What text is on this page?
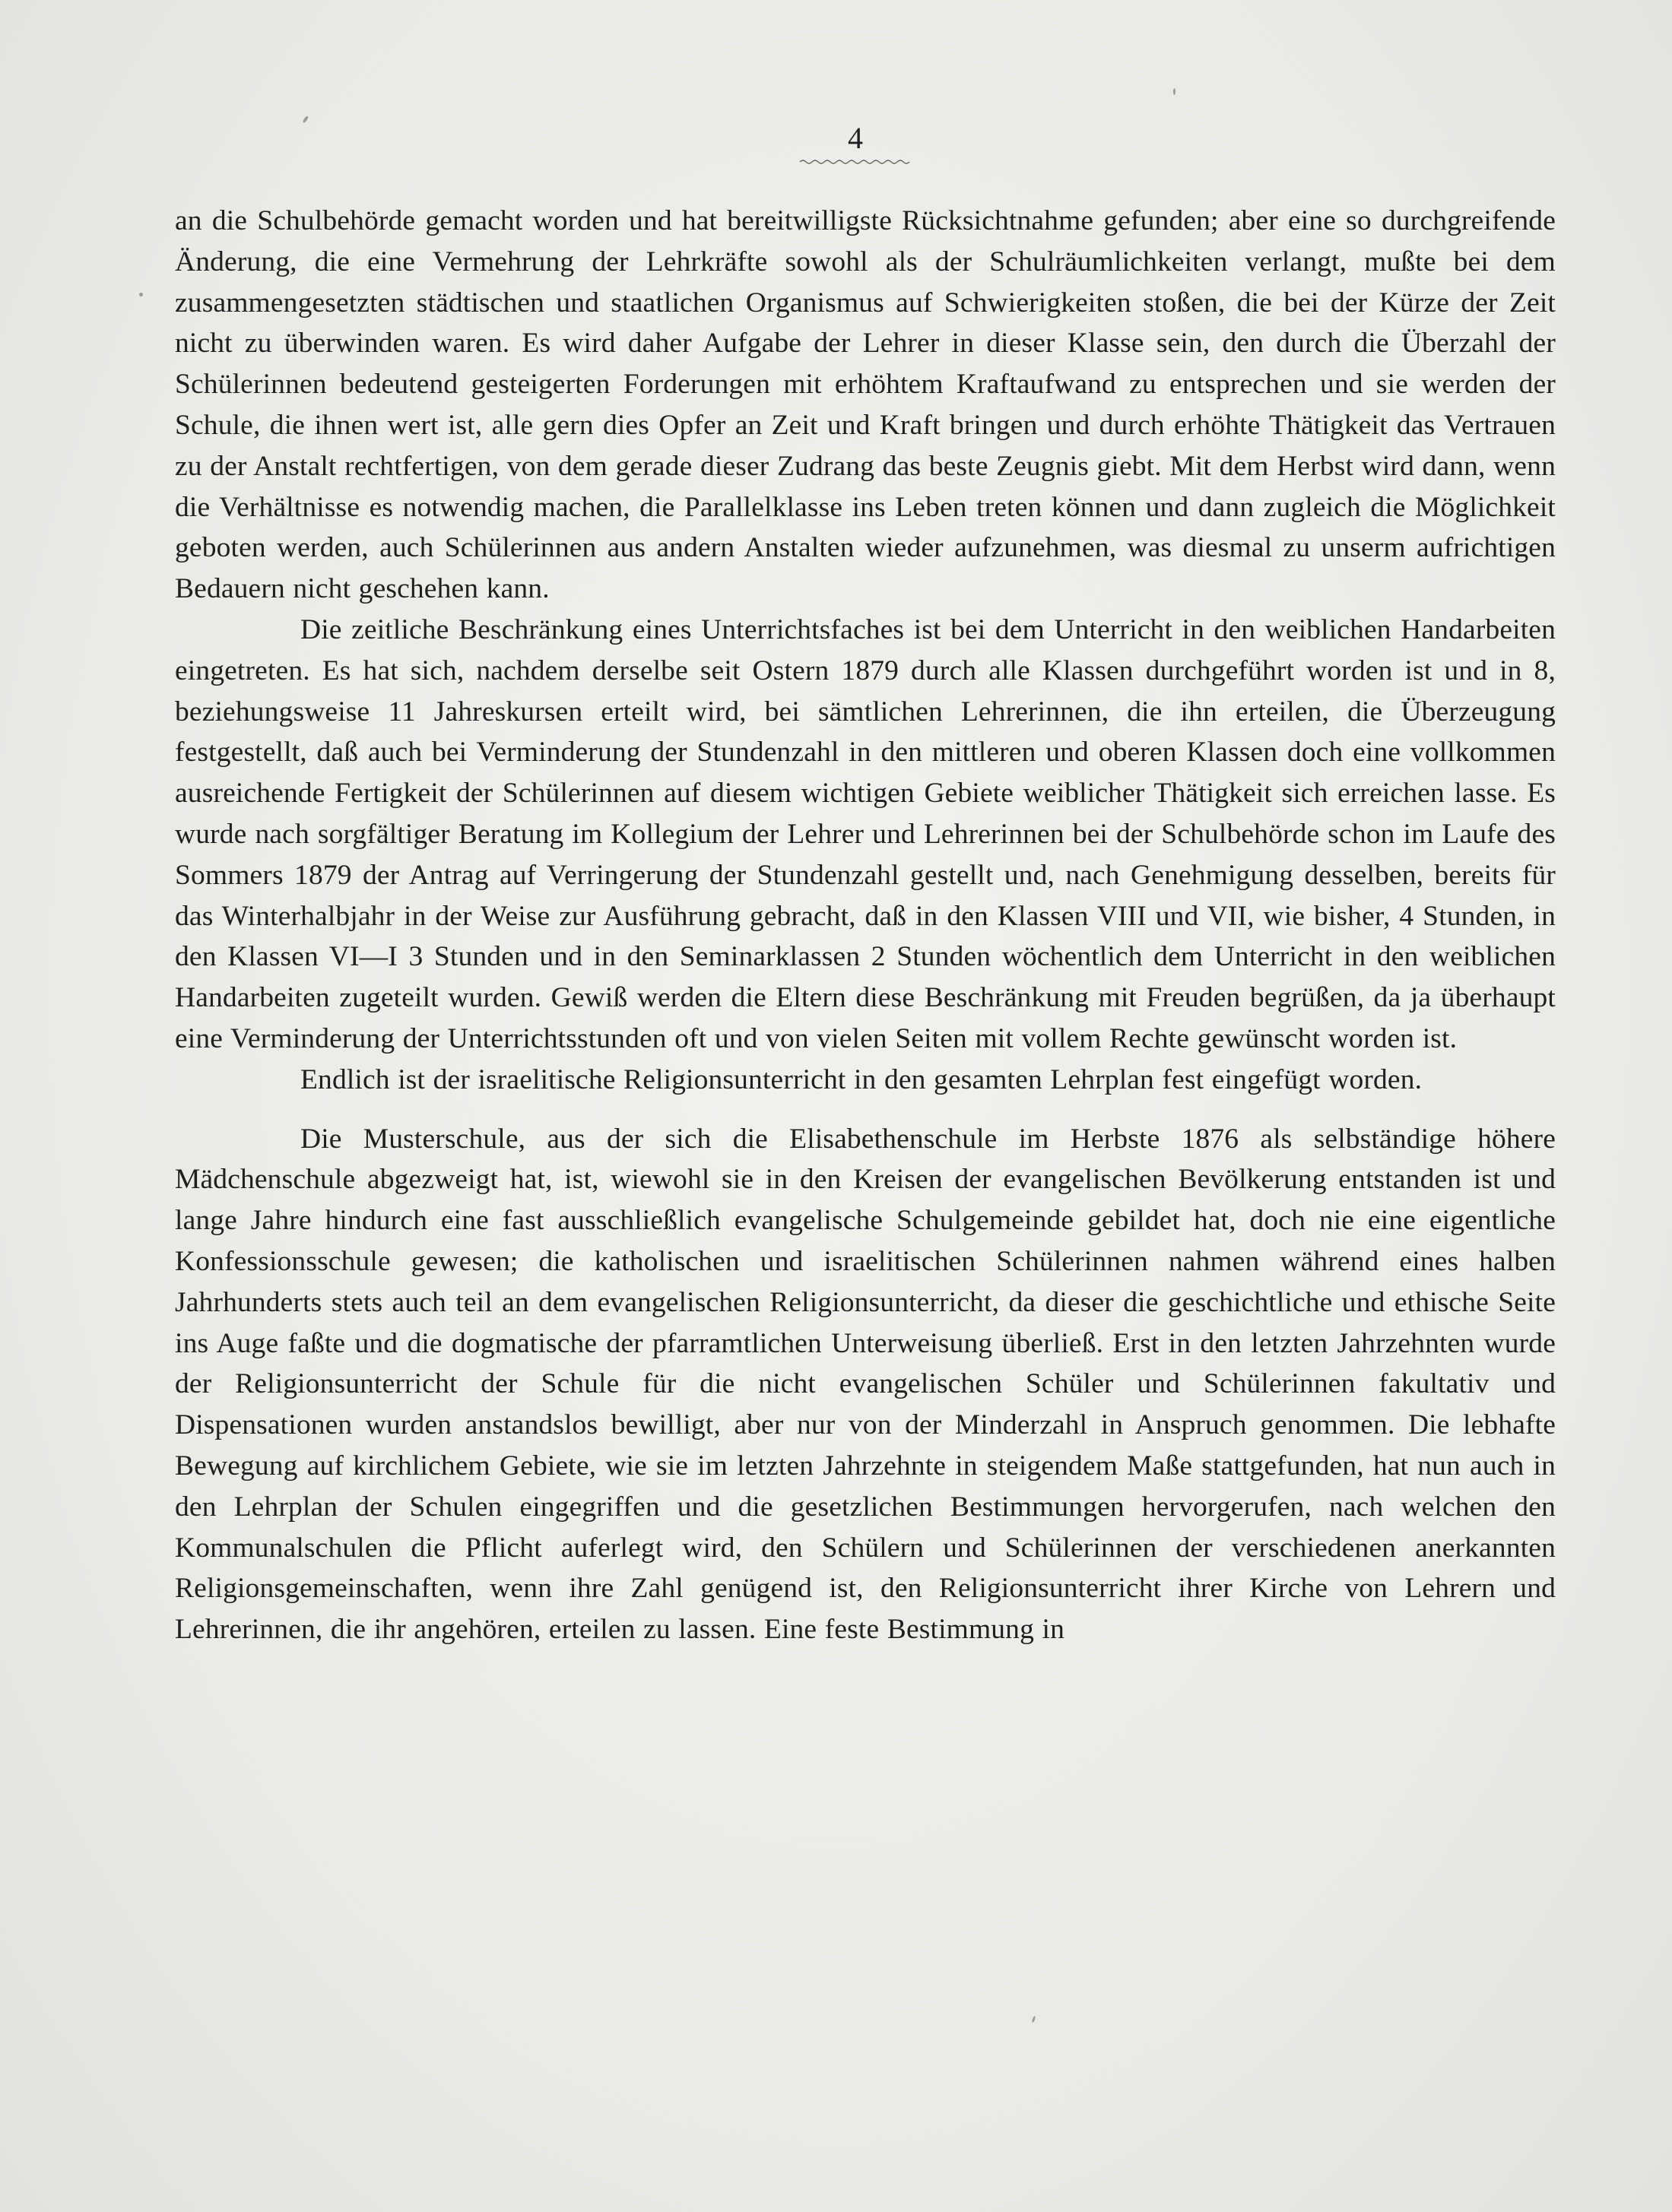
4

an die Schulbehörde gemacht worden und hat bereitwilligste Rücksichtnahme gefunden; aber eine so durchgreifende Änderung, die eine Vermehrung der Lehrkräfte sowohl als der Schulräumlichkeiten verlangt, mußte bei dem zusammengesetzten städtischen und staatlichen Organismus auf Schwierigkeiten stoßen, die bei der Kürze der Zeit nicht zu überwinden waren. Es wird daher Aufgabe der Lehrer in dieser Klasse sein, den durch die Überzahl der Schülerinnen bedeutend gesteigerten Forderungen mit erhöhtem Kraftaufwand zu entsprechen und sie werden der Schule, die ihnen wert ist, alle gern dies Opfer an Zeit und Kraft bringen und durch erhöhte Thätigkeit das Vertrauen zu der Anstalt rechtfertigen, von dem gerade dieser Zudrang das beste Zeugnis giebt. Mit dem Herbst wird dann, wenn die Verhältnisse es notwendig machen, die Parallelklasse ins Leben treten können und dann zugleich die Möglichkeit geboten werden, auch Schülerinnen aus andern Anstalten wieder aufzunehmen, was diesmal zu unserm aufrichtigen Bedauern nicht geschehen kann.

Die zeitliche Beschränkung eines Unterrichtsfaches ist bei dem Unterricht in den weiblichen Handarbeiten eingetreten. Es hat sich, nachdem derselbe seit Ostern 1879 durch alle Klassen durchgeführt worden ist und in 8, beziehungsweise 11 Jahreskursen erteilt wird, bei sämtlichen Lehrerinnen, die ihn erteilen, die Überzeugung festgestellt, daß auch bei Verminderung der Stundenzahl in den mittleren und oberen Klassen doch eine vollkommen ausreichende Fertigkeit der Schülerinnen auf diesem wichtigen Gebiete weiblicher Thätigkeit sich erreichen lasse. Es wurde nach sorgfältiger Beratung im Kollegium der Lehrer und Lehrerinnen bei der Schulbehörde schon im Laufe des Sommers 1879 der Antrag auf Verringerung der Stundenzahl gestellt und, nach Genehmigung desselben, bereits für das Winterhalbjahr in der Weise zur Ausführung gebracht, daß in den Klassen VIII und VII, wie bisher, 4 Stunden, in den Klassen VI—I 3 Stunden und in den Seminarklassen 2 Stunden wöchentlich dem Unterricht in den weiblichen Handarbeiten zugeteilt wurden. Gewiß werden die Eltern diese Beschränkung mit Freuden begrüßen, da ja überhaupt eine Verminderung der Unterrichtsstunden oft und von vielen Seiten mit vollem Rechte gewünscht worden ist.

Endlich ist der israelitische Religionsunterricht in den gesamten Lehrplan fest eingefügt worden.

Die Musterschule, aus der sich die Elisabethenschule im Herbste 1876 als selbständige höhere Mädchenschule abgezweigt hat, ist, wiewohl sie in den Kreisen der evangelischen Bevölkerung entstanden ist und lange Jahre hindurch eine fast ausschließlich evangelische Schulgemeinde gebildet hat, doch nie eine eigentliche Konfessionsschule gewesen; die katholischen und israelitischen Schülerinnen nahmen während eines halben Jahrhunderts stets auch teil an dem evangelischen Religionsunterricht, da dieser die geschichtliche und ethische Seite ins Auge faßte und die dogmatische der pfarramtlichen Unterweisung überließ. Erst in den letzten Jahrzehnten wurde der Religionsunterricht der Schule für die nicht evangelischen Schüler und Schülerinnen fakultativ und Dispensationen wurden anstandslos bewilligt, aber nur von der Minderzahl in Anspruch genommen. Die lebhafte Bewegung auf kirchlichem Gebiete, wie sie im letzten Jahrzehnte in steigendem Maße stattgefunden, hat nun auch in den Lehrplan der Schulen eingegriffen und die gesetzlichen Bestimmungen hervorgerufen, nach welchen den Kommunalschulen die Pflicht auferlegt wird, den Schülern und Schülerinnen der verschiedenen anerkannten Religionsgemeinschaften, wenn ihre Zahl genügend ist, den Religionsunterricht ihrer Kirche von Lehrern und Lehrerinnen, die ihr angehören, erteilen zu lassen. Eine feste Bestimmung in
